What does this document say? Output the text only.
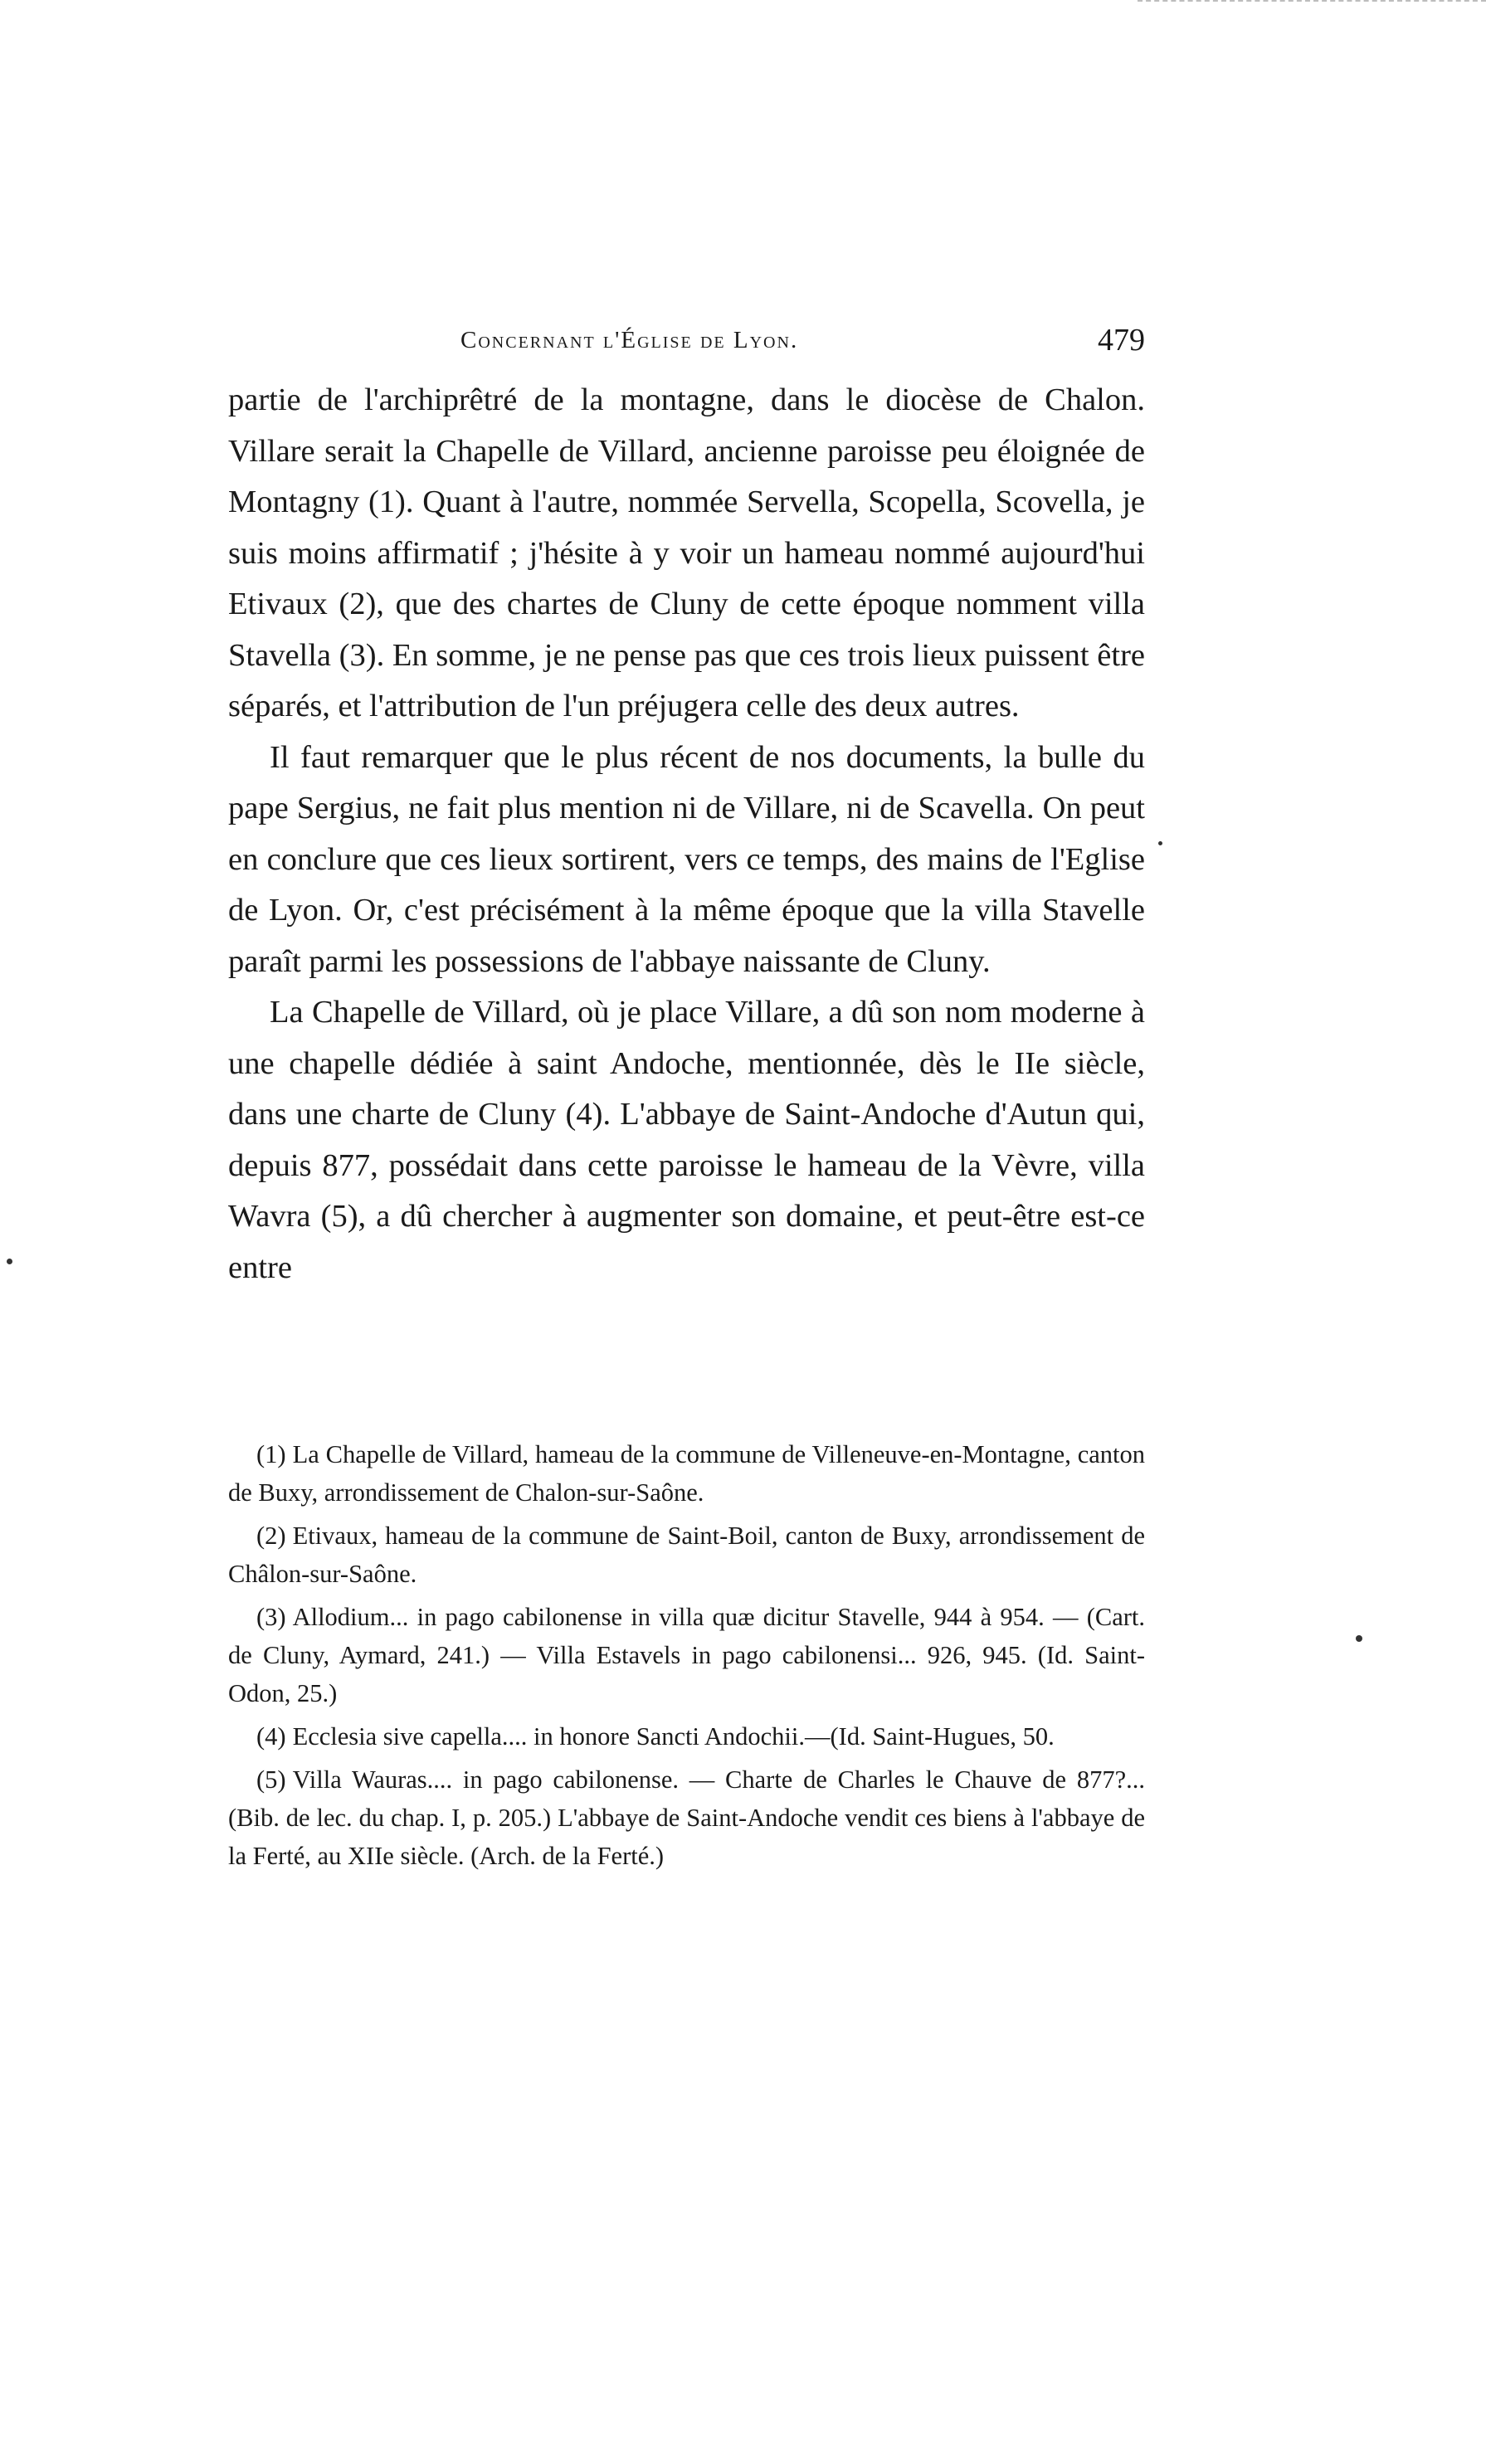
Concernant l'Église de Lyon.	479

partie de l'archiprêtré de la montagne, dans le diocèse de Chalon. Villare serait la Chapelle de Villard, ancienne paroisse peu éloignée de Montagny (1). Quant à l'autre, nommée Servella, Scopella, Scovella, je suis moins affirmatif ; j'hésite à y voir un hameau nommé aujourd'hui Etivaux (2), que des chartes de Cluny de cette époque nomment villa Stavella (3). En somme, je ne pense pas que ces trois lieux puissent être séparés, et l'attribution de l'un préjugera celle des deux autres.

Il faut remarquer que le plus récent de nos documents, la bulle du pape Sergius, ne fait plus mention ni de Villare, ni de Scavella. On peut en conclure que ces lieux sortirent, vers ce temps, des mains de l'Eglise de Lyon. Or, c'est précisément à la même époque que la villa Stavelle paraît parmi les possessions de l'abbaye naissante de Cluny.

La Chapelle de Villard, où je place Villare, a dû son nom moderne à une chapelle dédiée à saint Andoche, mentionnée, dès le IIe siècle, dans une charte de Cluny (4). L'abbaye de Saint-Andoche d'Autun qui, depuis 877, possédait dans cette paroisse le hameau de la Vèvre, villa Wavra (5), a dû chercher à augmenter son domaine, et peut-être est-ce entre

(1) La Chapelle de Villard, hameau de la commune de Villeneuve-en-Montagne, canton de Buxy, arrondissement de Chalon-sur-Saône.

(2) Etivaux, hameau de la commune de Saint-Boil, canton de Buxy, arrondissement de Châlon-sur-Saône.

(3) Allodium... in pago cabilonense in villa quæ dicitur Stavelle, 944 à 954. — (Cart. de Cluny, Aymard, 241.) — Villa Estavels in pago cabilonensi... 926, 945. (Id. Saint-Odon, 25.)

(4) Ecclesia sive capella.... in honore Sancti Andochii.—(Id. Saint-Hugues, 50.

(5) Villa Wauras.... in pago cabilonense. — Charte de Charles le Chauve de 877?... (Bib. de lec. du chap. I, p. 205.) L'abbaye de Saint-Andoche vendit ces biens à l'abbaye de la Ferté, au XIIe siècle. (Arch. de la Ferté.)
